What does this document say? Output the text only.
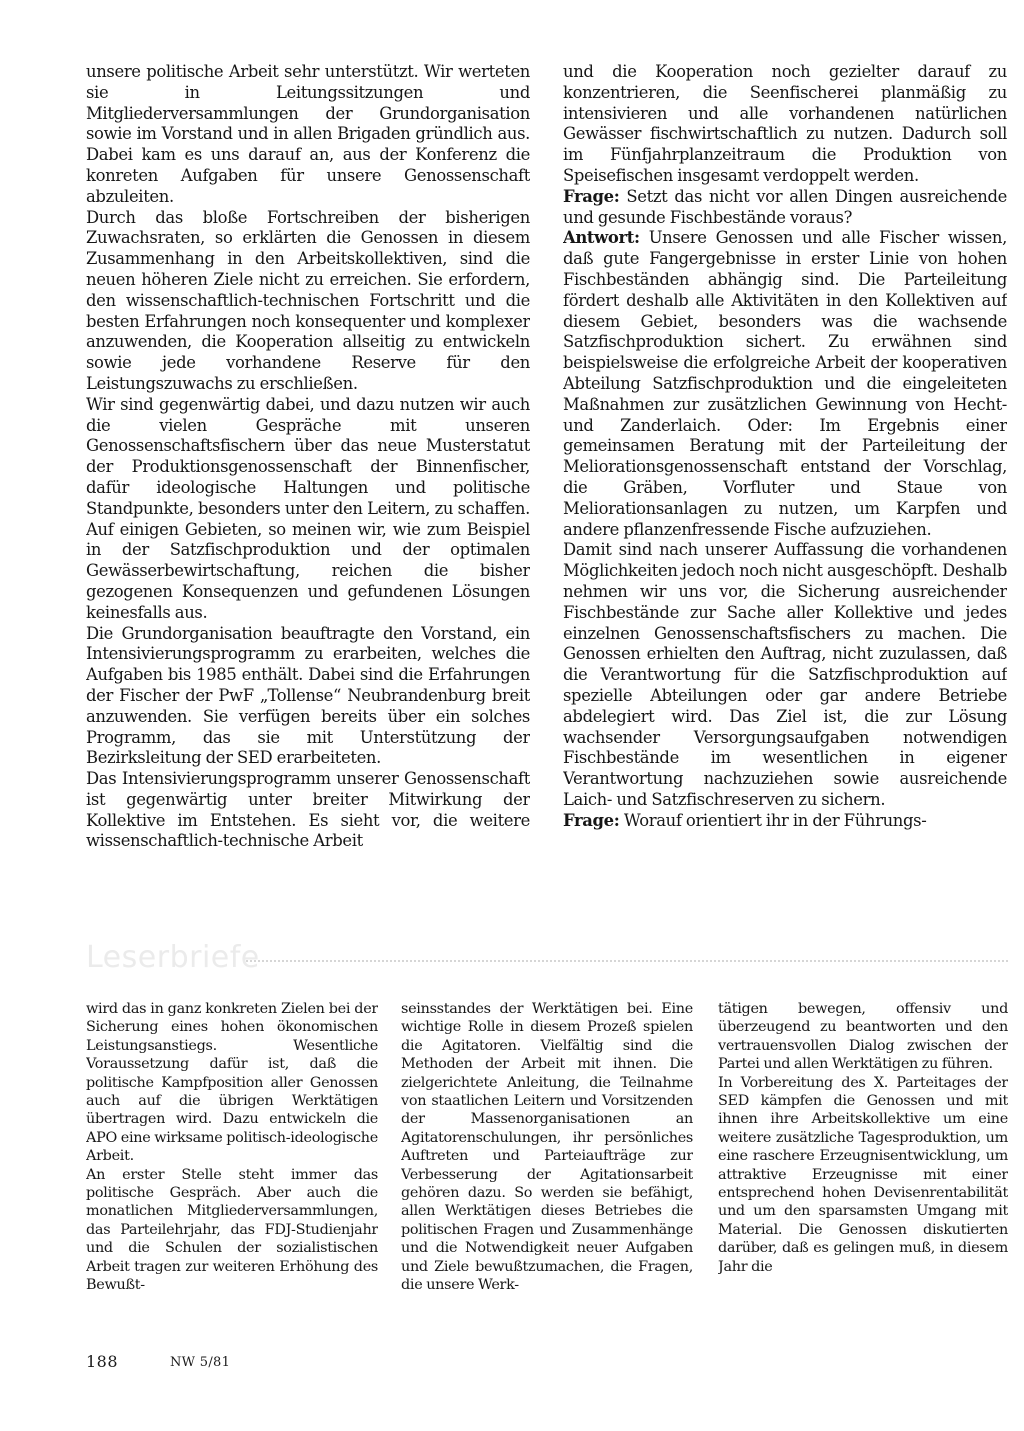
unsere politische Arbeit sehr unterstützt. Wir werteten sie in Leitungssitzungen und Mitgliederversammlungen der Grundorganisation sowie im Vorstand und in allen Brigaden gründlich aus. Dabei kam es uns darauf an, aus der Konferenz die konreten Aufgaben für unsere Genossenschaft abzuleiten.

Durch das bloße Fortschreiben der bisherigen Zuwachsraten, so erklärten die Genossen in diesem Zusammenhang in den Arbeitskollektiven, sind die neuen höheren Ziele nicht zu erreichen. Sie erfordern, den wissenschaftlich-technischen Fortschritt und die besten Erfahrungen noch konsequenter und komplexer anzuwenden, die Kooperation allseitig zu entwickeln sowie jede vorhandene Reserve für den Leistungszuwachs zu erschließen.

Wir sind gegenwärtig dabei, und dazu nutzen wir auch die vielen Gespräche mit unseren Genossenschaftsfischern über das neue Musterstatut der Produktionsgenossenschaft der Binnenfischer, dafür ideologische Haltungen und politische Standpunkte, besonders unter den Leitern, zu schaffen. Auf einigen Gebieten, so meinen wir, wie zum Beispiel in der Satzfischproduktion und der optimalen Gewässerbewirtschaftung, reichen die bisher gezogenen Konsequenzen und gefundenen Lösungen keinesfalls aus.

Die Grundorganisation beauftragte den Vorstand, ein Intensivierungsprogramm zu erarbeiten, welches die Aufgaben bis 1985 enthält. Dabei sind die Erfahrungen der Fischer der PwF „Tollense“ Neubrandenburg breit anzuwenden. Sie verfügen bereits über ein solches Programm, das sie mit Unterstützung der Bezirksleitung der SED erarbeiteten.

Das Intensivierungsprogramm unserer Genossenschaft ist gegenwärtig unter breiter Mitwirkung der Kollektive im Entstehen. Es sieht vor, die weitere wissenschaftlich-technische Arbeit

und die Kooperation noch gezielter darauf zu konzentrieren, die Seenfischerei planmäßig zu intensivieren und alle vorhandenen natürlichen Gewässer fischwirtschaftlich zu nutzen. Dadurch soll im Fünfjahrplanzeitraum die Produktion von Speisefischen insgesamt verdoppelt werden.

Frage: Setzt das nicht vor allen Dingen ausreichende und gesunde Fischbestände voraus?

Antwort: Unsere Genossen und alle Fischer wissen, daß gute Fangergebnisse in erster Linie von hohen Fischbeständen abhängig sind. Die Parteileitung fördert deshalb alle Aktivitäten in den Kollektiven auf diesem Gebiet, besonders was die wachsende Satzfischproduktion sichert. Zu erwähnen sind beispielsweise die erfolgreiche Arbeit der kooperativen Abteilung Satzfischproduktion und die eingeleiteten Maßnahmen zur zusätzlichen Gewinnung von Hecht- und Zanderlaich. Oder: Im Ergebnis einer gemeinsamen Beratung mit der Parteileitung der Meliorationsgenossenschaft entstand der Vorschlag, die Gräben, Vorfluter und Staue von Meliorationsanlagen zu nutzen, um Karpfen und andere pflanzenfressende Fische aufzuziehen.

Damit sind nach unserer Auffassung die vorhandenen Möglichkeiten jedoch noch nicht ausgeschöpft. Deshalb nehmen wir uns vor, die Sicherung ausreichender Fischbestände zur Sache aller Kollektive und jedes einzelnen Genossenschaftsfischers zu machen. Die Genossen erhielten den Auftrag, nicht zuzulassen, daß die Verantwortung für die Satzfischproduktion auf spezielle Abteilungen oder gar andere Betriebe abdelegiert wird. Das Ziel ist, die zur Lösung wachsender Versorgungsaufgaben notwendigen Fischbestände im wesentlichen in eigener Verantwortung nachzuziehen sowie ausreichende Laich- und Satzfischreserven zu sichern.

Frage: Worauf orientiert ihr in der Führungs-

Leserbriefe

wird das in ganz konkreten Zielen bei der Sicherung eines hohen ökonomischen Leistungsanstiegs. Wesentliche Voraussetzung dafür ist, daß die politische Kampfposition aller Genossen auch auf die übrigen Werktätigen übertragen wird. Dazu entwickeln die APO eine wirksame politisch-ideologische Arbeit.

An erster Stelle steht immer das politische Gespräch. Aber auch die monatlichen Mitgliederversammlungen, das Parteilehrjahr, das FDJ-Studienjahr und die Schulen der sozialistischen Arbeit tragen zur weiteren Erhöhung des Bewußt-

seinsstandes der Werktätigen bei. Eine wichtige Rolle in diesem Prozeß spielen die Agitatoren. Vielfältig sind die Methoden der Arbeit mit ihnen. Die zielgerichtete Anleitung, die Teilnahme von staatlichen Leitern und Vorsitzenden der Massenorganisationen an Agitatorenschulungen, ihr persönliches Auftreten und Parteiaufträge zur Verbesserung der Agitationsarbeit gehören dazu. So werden sie befähigt, allen Werktätigen dieses Betriebes die politischen Fragen und Zusammenhänge und die Notwendigkeit neuer Aufgaben und Ziele bewußtzumachen, die Fragen, die unsere Werk-

tätigen bewegen, offensiv und überzeugend zu beantworten und den vertrauensvollen Dialog zwischen der Partei und allen Werktätigen zu führen.

In Vorbereitung des X. Parteitages der SED kämpfen die Genossen und mit ihnen ihre Arbeitskollektive um eine weitere zusätzliche Tagesproduktion, um eine raschere Erzeugnisentwicklung, um attraktive Erzeugnisse mit einer entsprechend hohen Devisenrentabilität und um den sparsamsten Umgang mit Material. Die Genossen diskutierten darüber, daß es gelingen muß, in diesem Jahr die

188	NW 5/81
